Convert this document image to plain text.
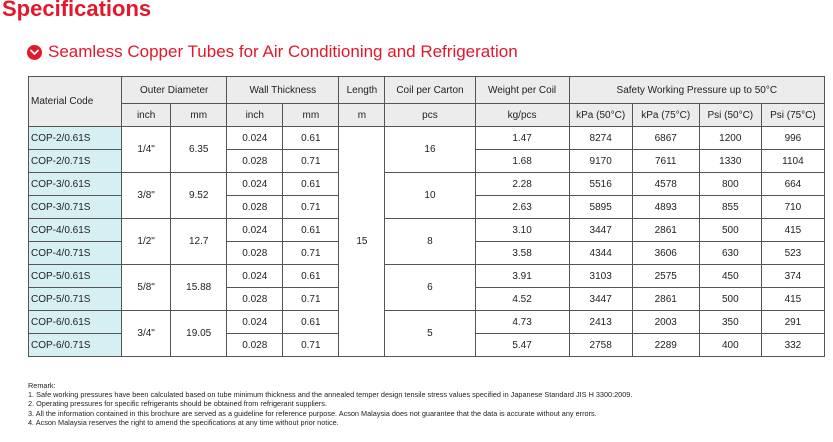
Specifications
Seamless Copper Tubes for Air Conditioning and Refrigeration
Material Code	Outer Diameter		Wall Thickness		Length	Coil per Carton	Weight per Coil	Safety Working Pressure up to 50°C			
	inch	mm	inch	mm	m	pcs	kg/pcs	kPa (50°C)	kPa (75°C)	Psi (50°C)	Psi (75°C)
COP-2/0.61S	1/4"	6.35	0.024	0.61	15	16	1.47	8274	6867	1200	996
COP-2/0.71S			0.028	0.71			1.68	9170	7611	1330	1104
COP-3/0.61S	3/8"	9.52	0.024	0.61		10	2.28	5516	4578	800	664
COP-3/0.71S			0.028	0.71			2.63	5895	4893	855	710
COP-4/0.61S	1/2"	12.7	0.024	0.61		8	3.10	3447	2861	500	415
COP-4/0.71S			0.028	0.71			3.58	4344	3606	630	523
COP-5/0.61S	5/8"	15.88	0.024	0.61		6	3.91	3103	2575	450	374
COP-5/0.71S			0.028	0.71			4.52	3447	2861	500	415
COP-6/0.61S	3/4"	19.05	0.024	0.61		5	4.73	2413	2003	350	291
COP-6/0.71S			0.028	0.71			5.47	2758	2289	400	332
Remark:
1. Safe working pressures have been calculated based on tube minimum thickness and the annealed temper design tensile stress values specified in Japanese Standard JIS H 3300:2009.
2. Operating pressures for specific refrigerants should be obtained from refrigerant suppliers.
3. All the information contained in this brochure are served as a guideline for reference purpose. Acson Malaysia does not guarantee that the data is accurate without any errors.
4. Acson Malaysia reserves the right to amend the specifications at any time without prior notice.
